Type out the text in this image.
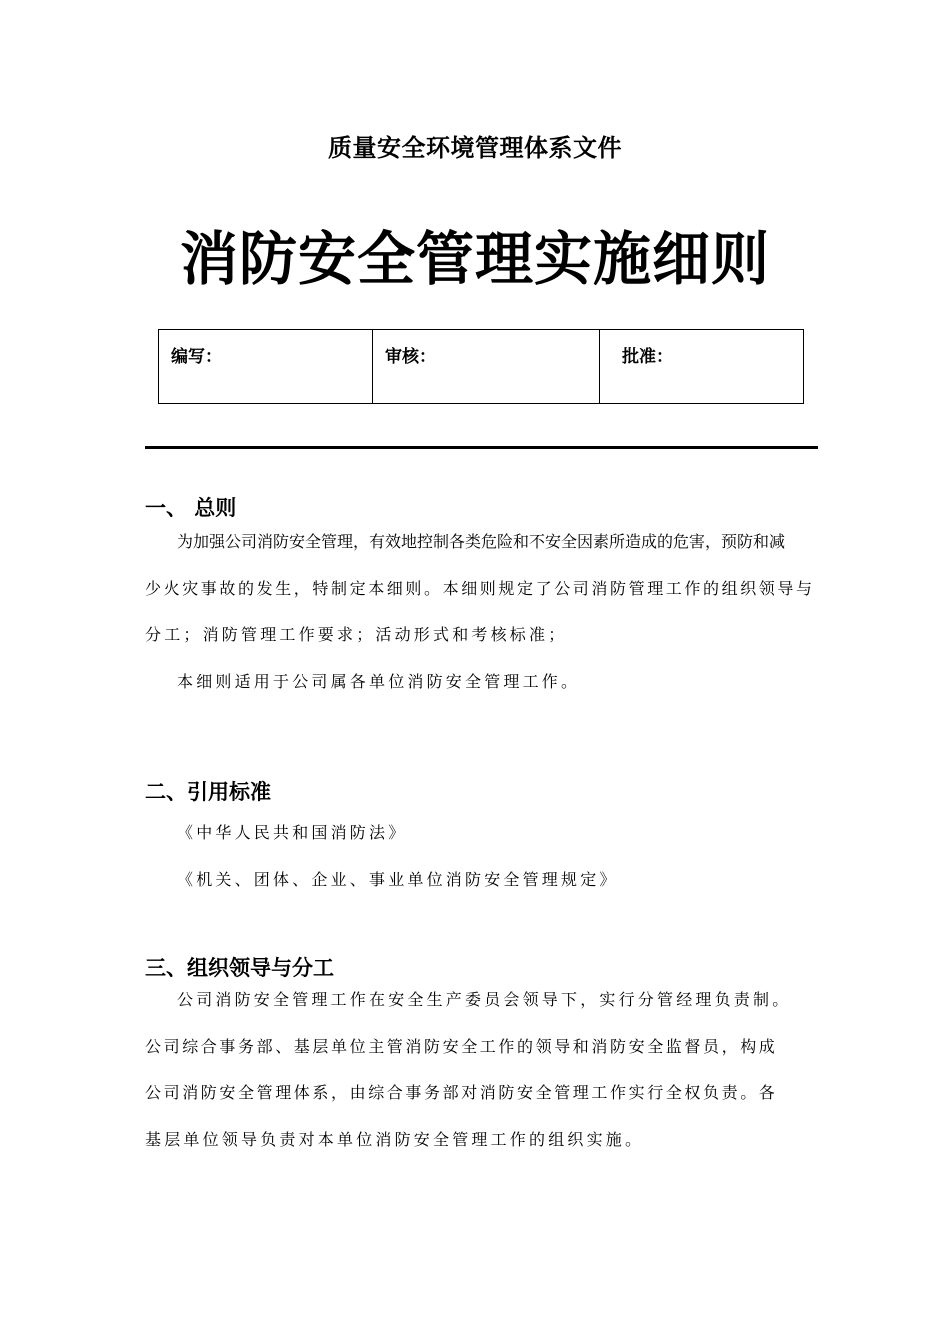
质量安全环境管理体系文件
消防安全管理实施细则
编写：	审核：	批准：
一、 总则
为加强公司消防安全管理，有效地控制各类危险和不安全因素所造成的危害，预防和减
少火灾事故的发生，特制定本细则。本细则规定了公司消防管理工作的组织领导与
分工；消防管理工作要求；活动形式和考核标准；
本细则适用于公司属各单位消防安全管理工作。
二、引用标准
《中华人民共和国消防法》
《机关、团体、企业、事业单位消防安全管理规定》
三、组织领导与分工
公司消防安全管理工作在安全生产委员会领导下，实行分管经理负责制。
公司综合事务部、基层单位主管消防安全工作的领导和消防安全监督员，构成
公司消防安全管理体系，由综合事务部对消防安全管理工作实行全权负责。各
基层单位领导负责对本单位消防安全管理工作的组织实施。
